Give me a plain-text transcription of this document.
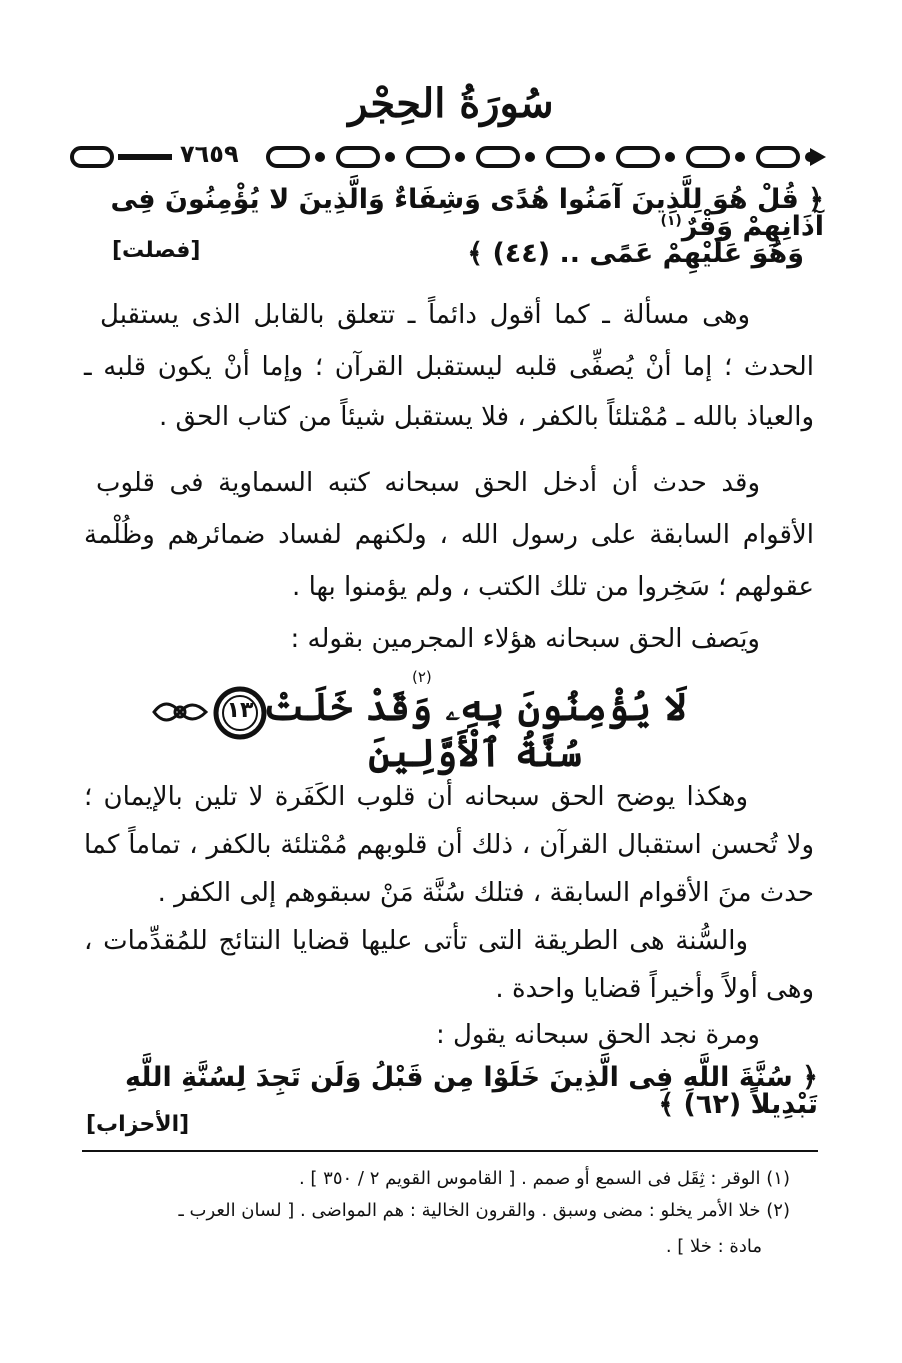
سُورَةُ الحِجْر
٧٦٥٩
﴿ قُلْ هُوَ لِلَّذِينَ آمَنُوا هُدًى وَشِفَاءٌ وَالَّذِينَ لا يُؤْمِنُونَ فِى آذَانِهِمْ وَقْرٌ$^{(١)}$
وَهُوَ عَلَيْهِمْ عَمًى .. (٤٤) ﴾
[فصلت]
وهى مسألة ـ كما أقول دائماً ـ تتعلق بالقابل الذى يستقبل
الحدث ؛ إما أنْ يُصفِّى قلبه ليستقبل القرآن ؛ وإما أنْ يكون قلبه ـ
والعياذ بالله ـ مُمْتلئاً بالكفر ، فلا يستقبل شيئاً من كتاب الحق .
وقد حدث أن أدخل الحق سبحانه كتبه السماوية فى قلوب
الأقوام السابقة على رسول الله ، ولكنهم لفساد ضمائرهم وظُلْمة
عقولهم ؛ سَخِروا من تلك الكتب ، ولم يؤمنوا بها .
ويَصف الحق سبحانه هؤلاء المجرمين بقوله :
١٣ لَا يُؤْمِنُونَ بِهِۦ وَقَدْ خَلَتْ سُنَّةُ ٱلْأَوَّلِينَ
(٢)
وهكذا يوضح الحق سبحانه أن قلوب الكَفَرة لا تلين بالإيمان ؛
ولا تُحسن استقبال القرآن ، ذلك أن قلوبهم مُمْتلئة بالكفر ، تماماً كما
حدث منَ الأقوام السابقة ، فتلك سُنَّة مَنْ سبقوهم إلى الكفر .
والسُّنة هى الطريقة التى تأتى عليها قضايا النتائج للمُقدِّمات ،
وهى أولاً وأخيراً قضايا واحدة .
ومرة نجد الحق سبحانه يقول :
﴿ سُنَّةَ اللَّهِ فِى الَّذِينَ خَلَوْا مِن قَبْلُ وَلَن تَجِدَ لِسُنَّةِ اللَّهِ تَبْدِيلاً (٦٢) ﴾
[الأحزاب]
(١) الوقر : ثِقَل فى السمع أو صمم . [ القاموس القويم ٢ / ٣٥٠ ] .
(٢) خلا الأمر يخلو : مضى وسبق . والقرون الخالية : هم المواضى . [ لسان العرب ـ
مادة : خلا ] .
